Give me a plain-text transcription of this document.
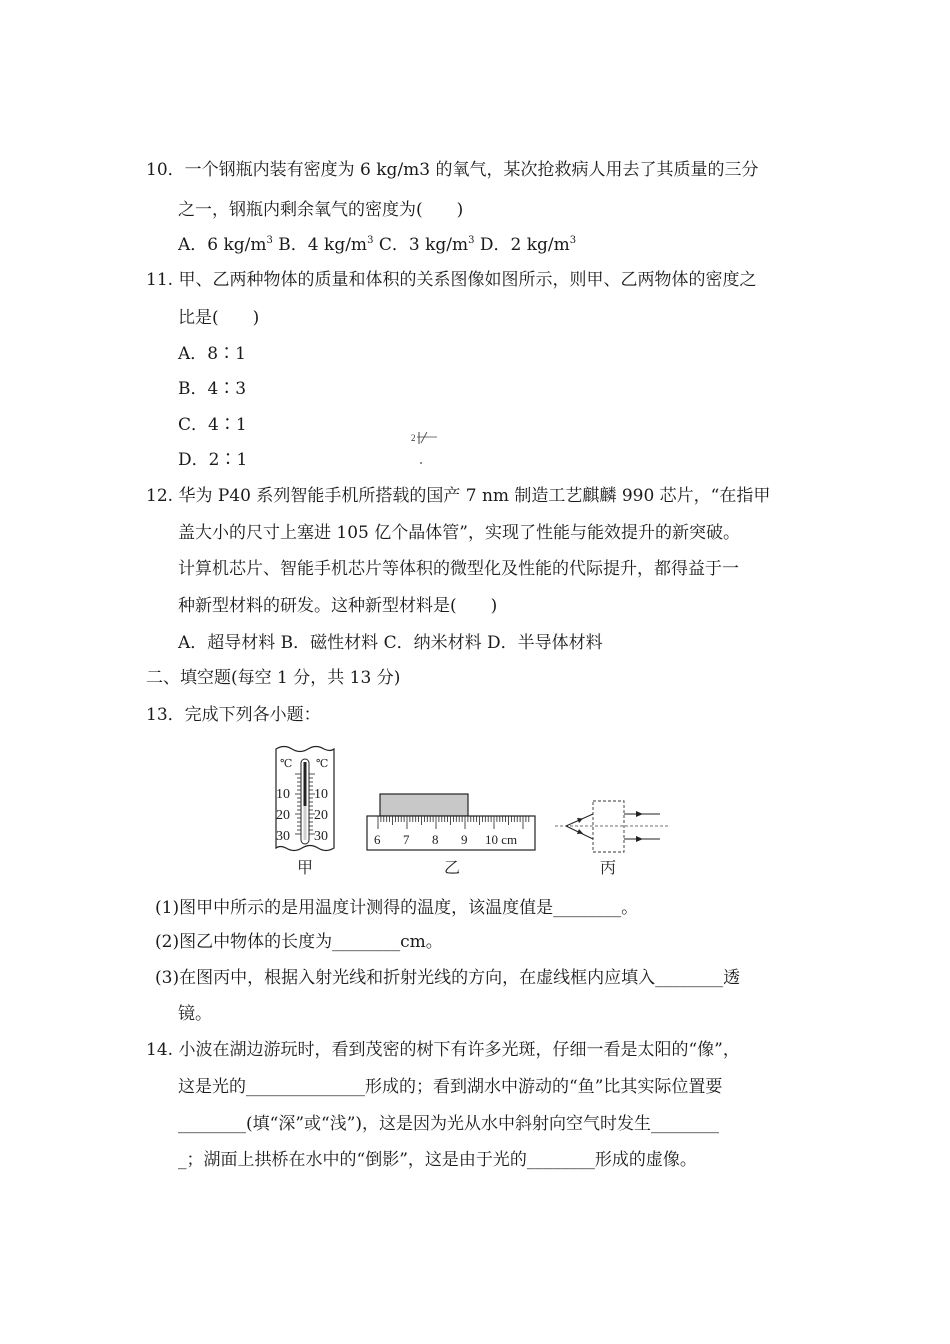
10．一个钢瓶内装有密度为 6 kg/m3 的氧气，某次抢救病人用去了其质量的三分
之一，钢瓶内剩余氧气的密度为(　　)
A．6 $kg/m^3$ B．4 $kg/m^3$ C．3 $kg/m^3$ D．2 $kg/m^3$
11. 甲、乙两种物体的质量和体积的关系图像如图所示，则甲、乙两物体的密度之
比是(　　)
A．8∶1
B．4∶3
C．4∶1
D．2∶1
2
12. 华为 P40 系列智能手机所搭载的国产 7 nm 制造工艺麒麟 990 芯片，“在指甲
盖大小的尺寸上塞进 105 亿个晶体管”，实现了性能与能效提升的新突破。
计算机芯片、智能手机芯片等体积的微型化及性能的代际提升，都得益于一
种新型材料的研发。这种新型材料是(　　)
A．超导材料 B．磁性材料 C．纳米材料 D．半导体材料
二、填空题(每空 1 分，共 13 分)
13．完成下列各小题：
℃ ℃
10
20
30
10
20
30
甲
6 7 8 9 10 cm
乙	丙
(1)图甲中所示的是用温度计测得的温度，该温度值是________。
(2)图乙中物体的长度为________cm。
(3)在图丙中，根据入射光线和折射光线的方向，在虚线框内应填入________透
镜。
14. 小波在湖边游玩时，看到茂密的树下有许多光斑，仔细一看是太阳的“像”，
这是光的______________形成的；看到湖水中游动的“鱼”比其实际位置要
________(填“深”或“浅”)，这是因为光从水中斜射向空气时发生________
_；湖面上拱桥在水中的“倒影”，这是由于光的________形成的虚像。
